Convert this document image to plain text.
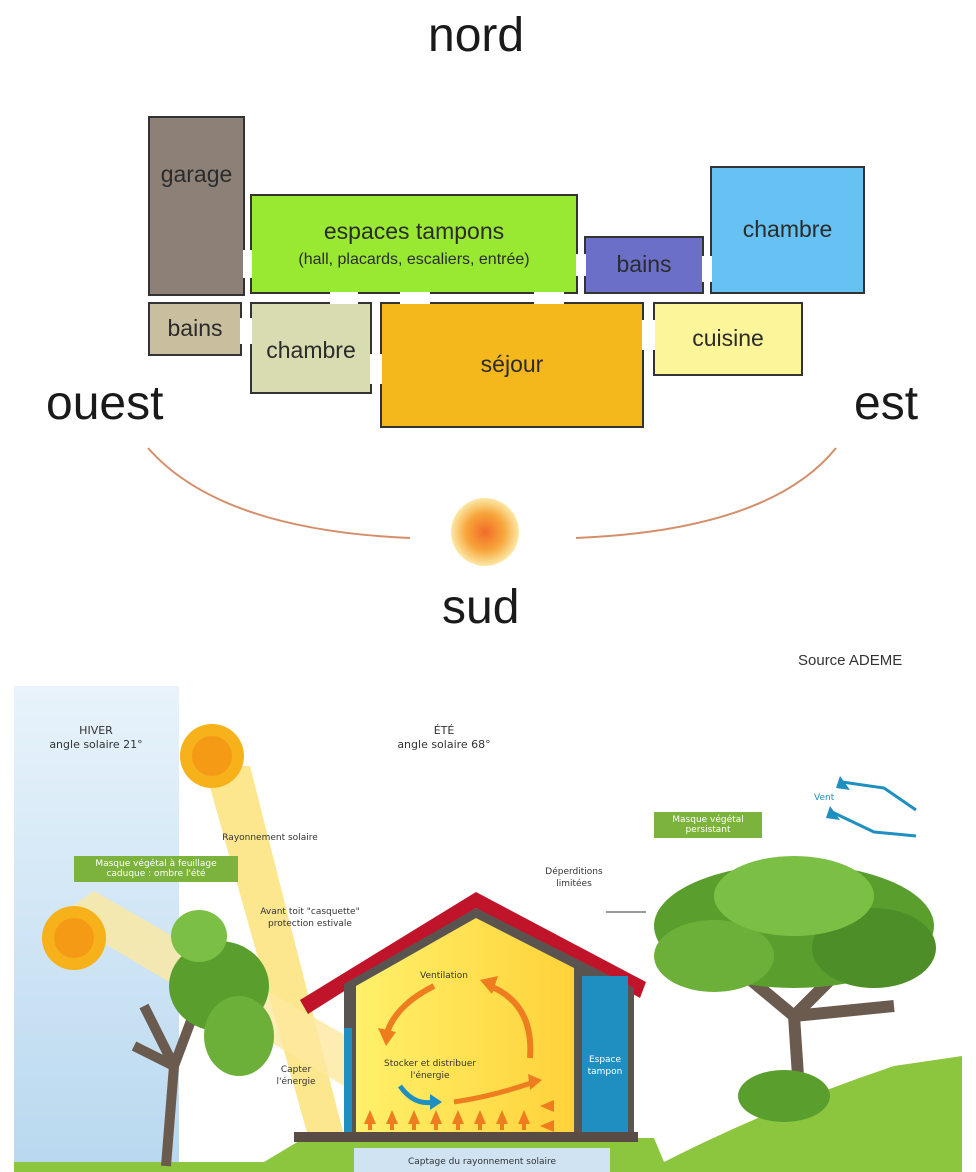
nord
ouest	est
sud
garage
espaces tampons
(hall, placards, escaliers, entrée)	bains
chambre
bains
chambre
séjour
cuisine
Source ADEME
HIVER
angle solaire 21°
ÉTÉ
angle solaire 68°
Rayonnement solaire
Avant toit "casquette"
protection estivale
Déperditions
limitées
Vent
Ventilation
Capter
l'énergie
Stocker et distribuer
l'énergie
Espace
tampon
Captage du rayonnement solaire
Masque végétal à feuillage
caduque : ombre l'été
Masque végétal
persistant
